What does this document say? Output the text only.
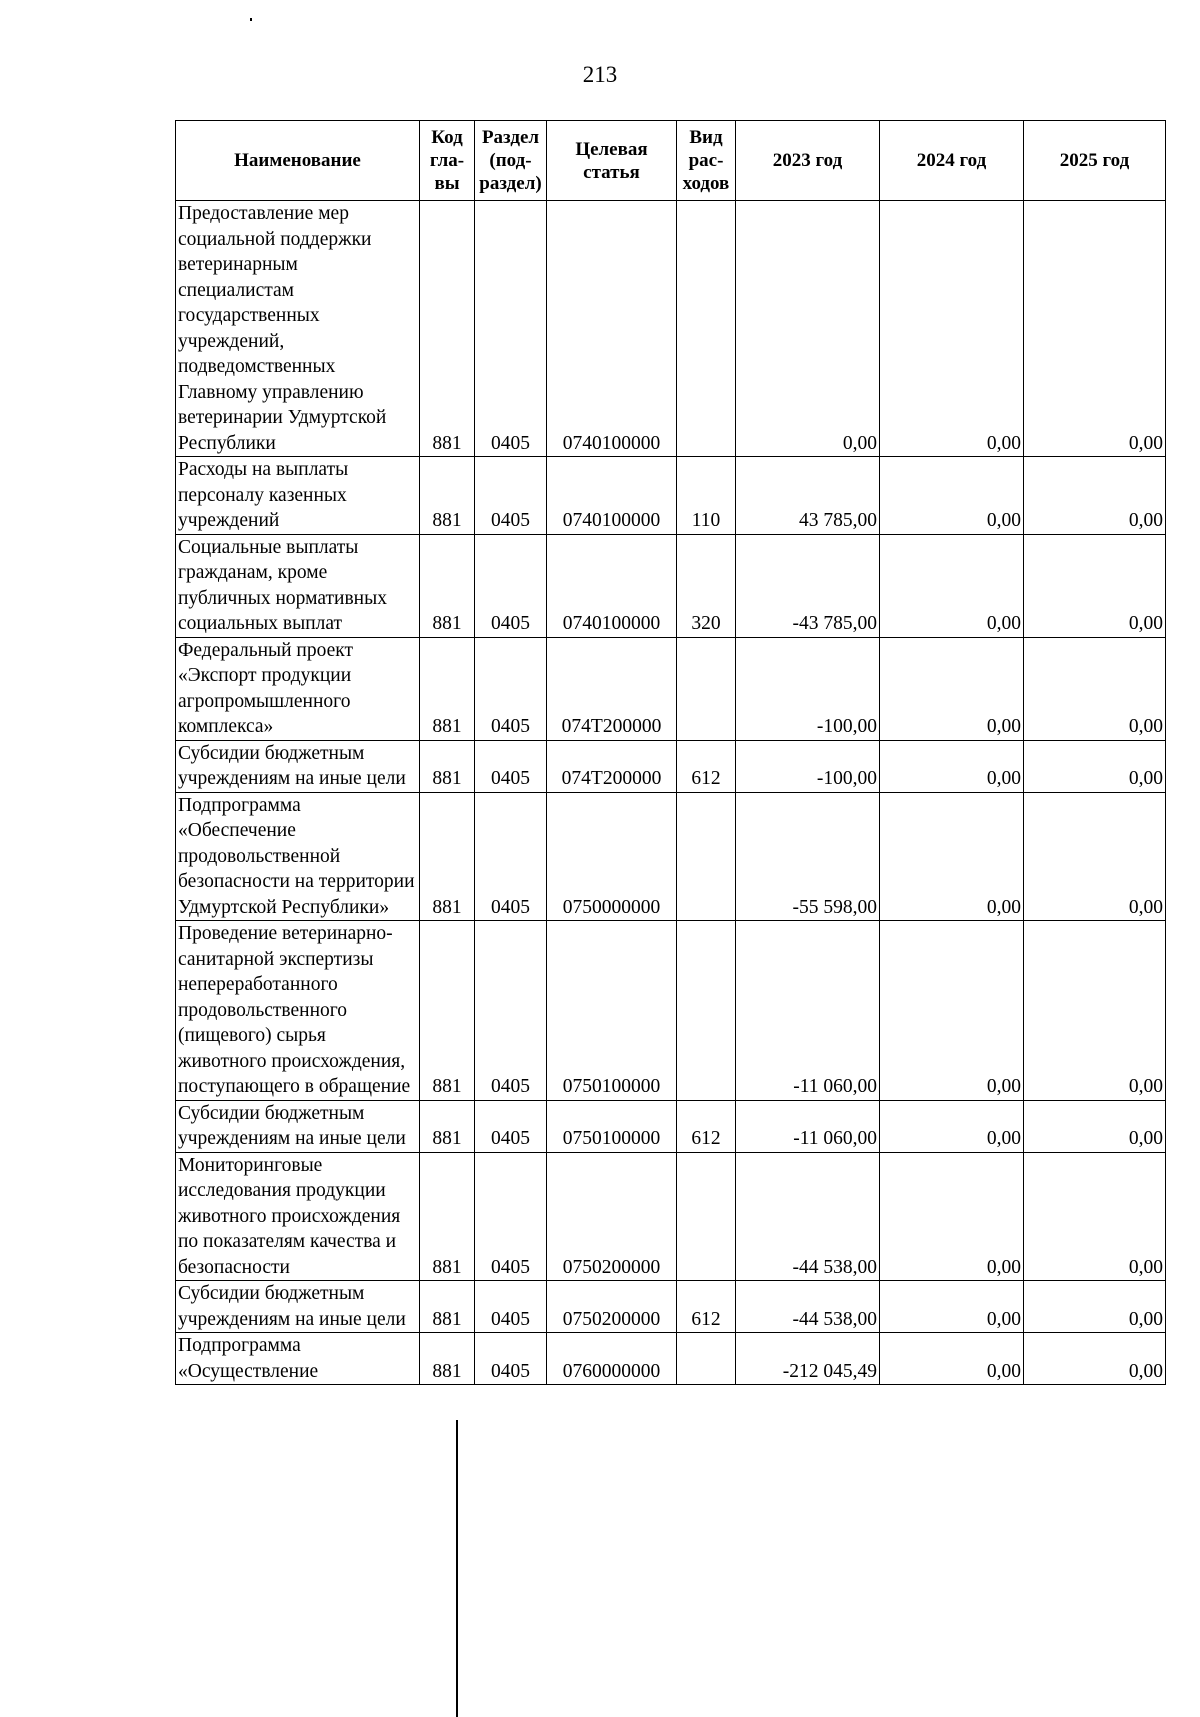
213
Наименование	Код гла-вы	Раздел (под-раздел)	Целевая статья	Вид рас-ходов	2023 год	2024 год	2025 год
Предоставление мер социальной поддержки ветеринарным специалистам государственных учреждений, подведомственных Главному управлению ветеринарии Удмуртской Республики	881	0405	0740100000		0,00	0,00	0,00
Расходы на выплаты персоналу казенных учреждений	881	0405	0740100000	110	43 785,00	0,00	0,00
Социальные выплаты гражданам, кроме публичных нормативных социальных выплат	881	0405	0740100000	320	-43 785,00	0,00	0,00
Федеральный проект «Экспорт продукции агропромышленного комплекса»	881	0405	074T200000		-100,00	0,00	0,00
Субсидии бюджетным учреждениям на иные цели	881	0405	074T200000	612	-100,00	0,00	0,00
Подпрограмма «Обеспечение продовольственной безопасности на территории Удмуртской Республики»	881	0405	0750000000		-55 598,00	0,00	0,00
Проведение ветеринарно-санитарной экспертизы непереработанного продовольственного (пищевого) сырья животного происхождения, поступающего в обращение	881	0405	0750100000		-11 060,00	0,00	0,00
Субсидии бюджетным учреждениям на иные цели	881	0405	0750100000	612	-11 060,00	0,00	0,00
Мониторинговые исследования продукции животного происхождения по показателям качества и безопасности	881	0405	0750200000		-44 538,00	0,00	0,00
Субсидии бюджетным учреждениям на иные цели	881	0405	0750200000	612	-44 538,00	0,00	0,00
Подпрограмма «Осуществление	881	0405	0760000000		-212 045,49	0,00	0,00
